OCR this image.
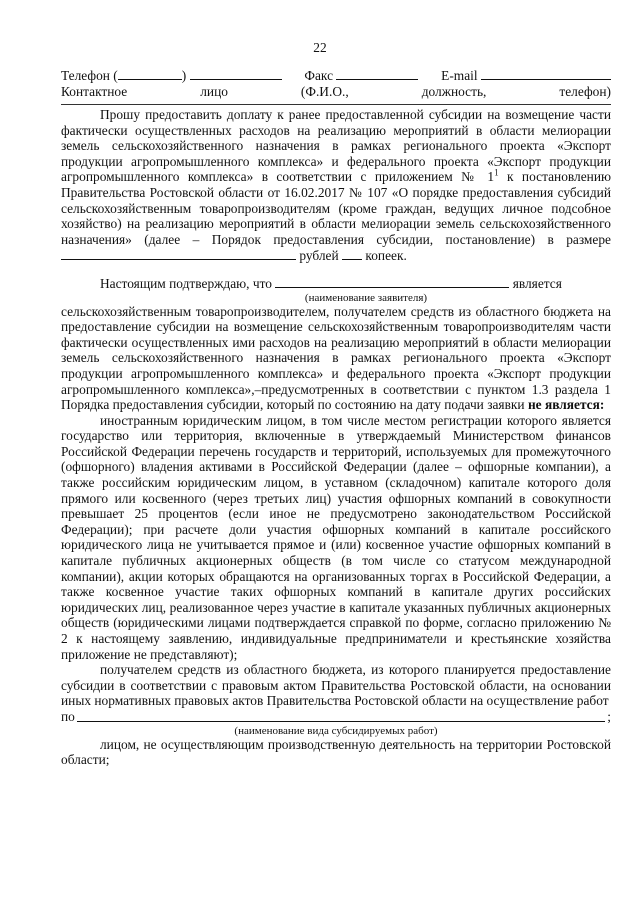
22
Телефон (	)	Факс	E-mail
Контактное	лицо	(Ф.И.О.,	должность,	телефон)

Прошу предоставить доплату к ранее предоставленной субсидии на возмещение части фактически осуществленных расходов на реализацию мероприятий в области мелиорации земель сельскохозяйственного назначения в рамках регионального проекта «Экспорт продукции агропромышленного комплекса» и федерального проекта «Экспорт продукции агропромышленного комплекса» в соответствии с приложением № $1^1$ к постановлению Правительства Ростовской области от 16.02.2017 № 107 «О порядке предоставления субсидий сельскохозяйственным товаропроизводителям (кроме граждан, ведущих личное подсобное хозяйство) на реализацию мероприятий в области мелиорации земель сельскохозяйственного назначения» (далее – Порядок предоставления субсидии, постановление) в размере  рублей копеек.

Настоящим подтверждаю, что	является

(наименование заявителя)

сельскохозяйственным товаропроизводителем, получателем средств из областного бюджета на предоставление субсидии на возмещение сельскохозяйственным товаропроизводителям части фактически осуществленных ими расходов на реализацию мероприятий в области мелиорации земель сельскохозяйственного назначения в рамках регионального проекта «Экспорт продукции агропромышленного комплекса» и федерального проекта «Экспорт продукции агропромышленного комплекса»,–предусмотренных в соответствии с пунктом 1.3 раздела 1 Порядка предоставления субсидии, который по состоянию на дату подачи заявки не является:

иностранным юридическим лицом, в том числе местом регистрации которого является государство или территория, включенные в утверждаемый Министерством финансов Российской Федерации перечень государств и территорий, используемых для промежуточного (офшорного) владения активами в Российской Федерации (далее – офшорные компании), а также российским юридическим лицом, в уставном (складочном) капитале которого доля прямого или косвенного (через третьих лиц) участия офшорных компаний в совокупности превышает 25 процентов (если иное не предусмотрено законодательством Российской Федерации); при расчете доли участия офшорных компаний в капитале российского юридического лица не учитывается прямое и (или) косвенное участие офшорных компаний в капитале публичных акционерных обществ (в том числе со статусом международной компании), акции которых обращаются на организованных торгах в Российской Федерации, а также косвенное участие таких офшорных компаний в капитале других российских юридических лиц, реализованное через участие в капитале указанных публичных акционерных обществ (юридическими лицами подтверждается справкой по форме, согласно приложению № 2 к настоящему заявлению, индивидуальные предприниматели и крестьянские хозяйства приложение не представляют);

получателем средств из областного бюджета, из которого планируется предоставление субсидии в соответствии с правовым актом Правительства Ростовской области, на основании иных нормативных правовых актов Правительства Ростовской области на осуществление работ

по	;
(наименование вида субсидируемых работ)

лицом, не осуществляющим производственную деятельность на территории Ростовской области;
